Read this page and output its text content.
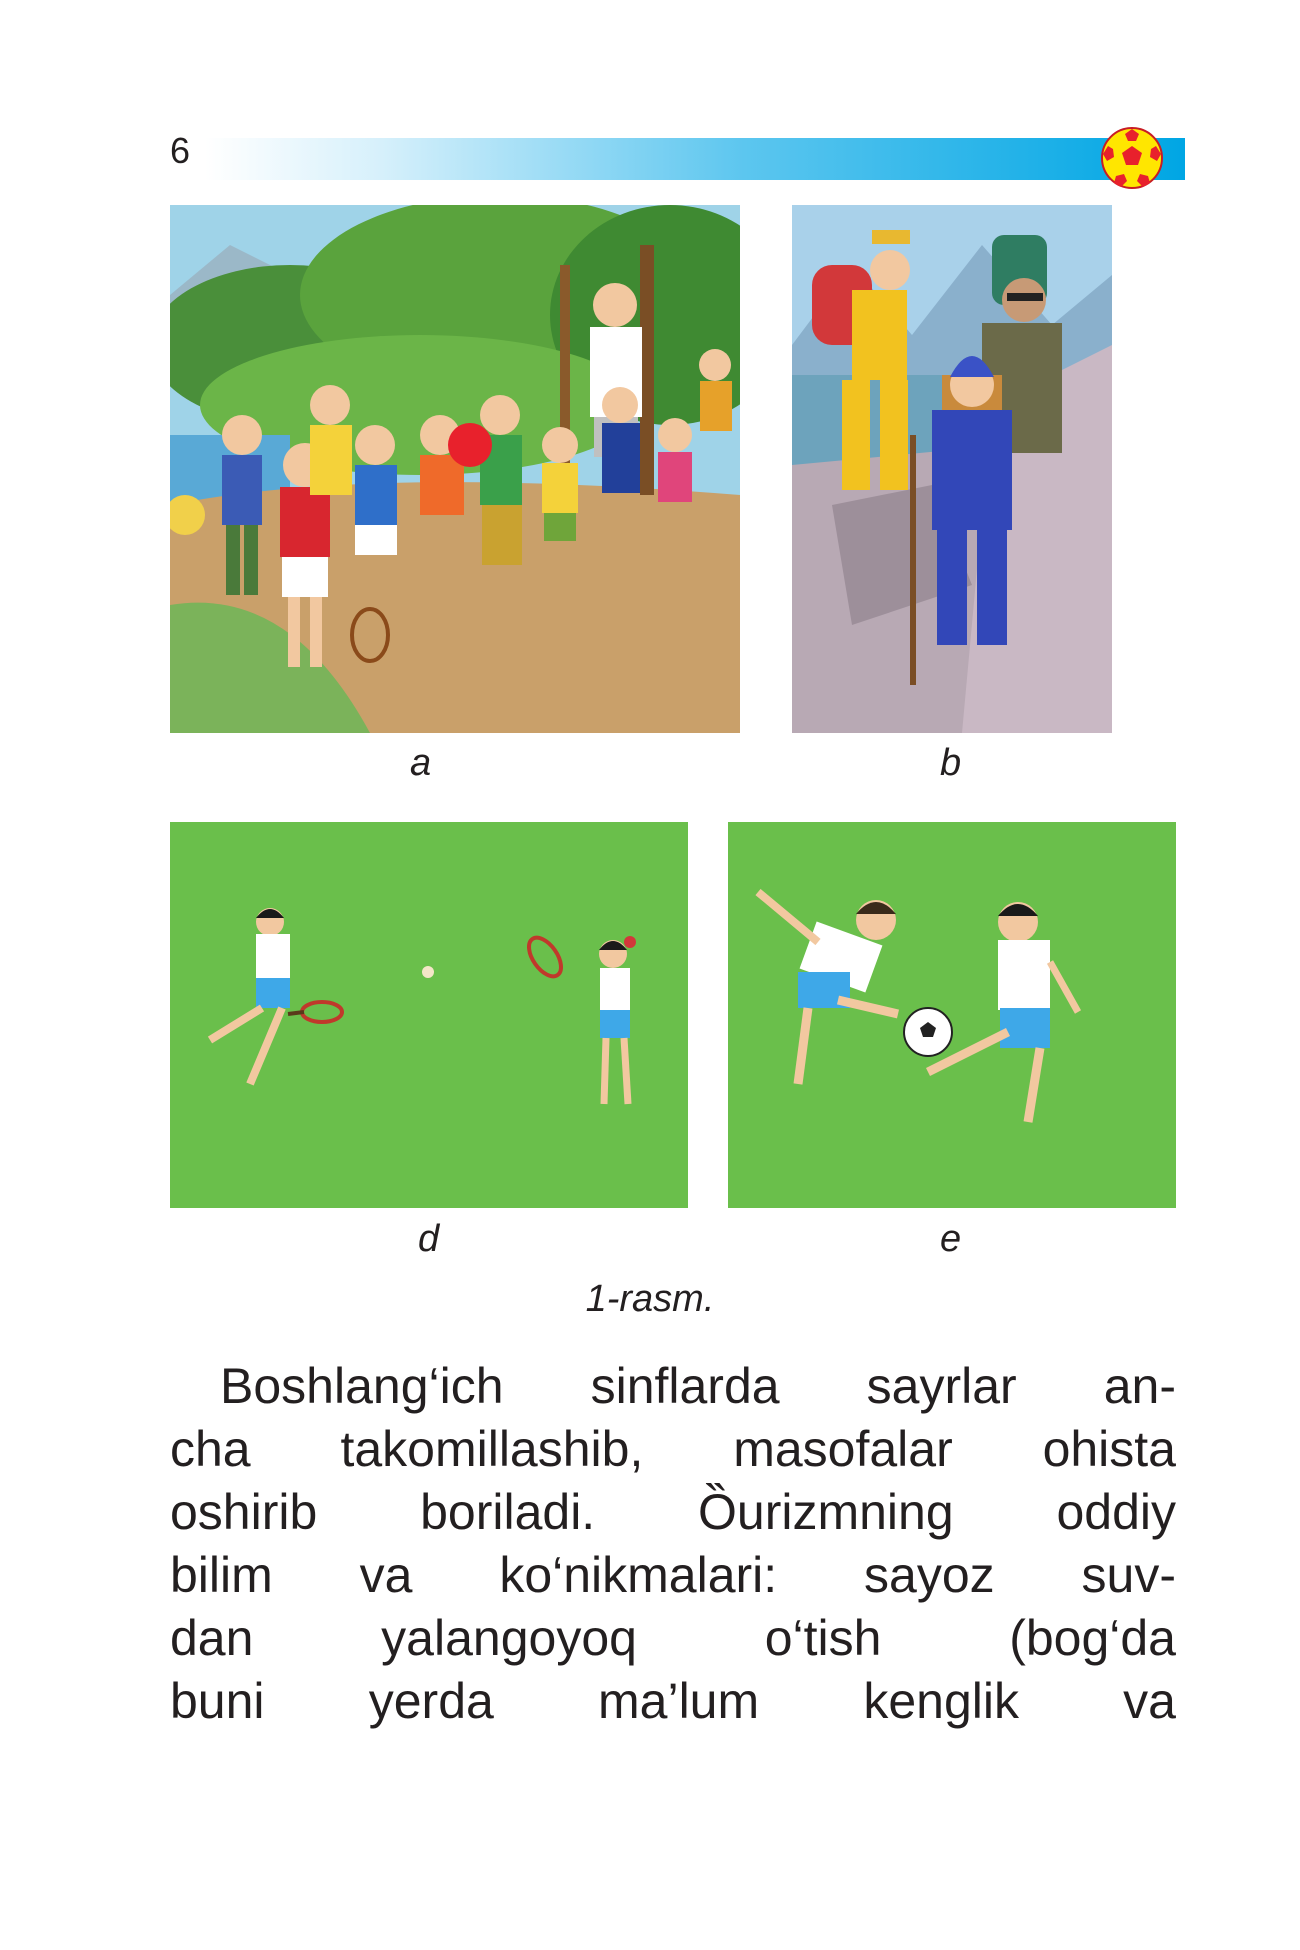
6
a	b
d	e
1-rasm.
Boshlang‘ich sinflarda sayrlar an-
cha takomillashib, masofalar ohista
oshirib boriladi. Ȍurizmning oddiy
bilim va ko‘nikmalari: sayoz suv-
dan yalangoyoq o‘tish (bog‘da
buni yerda ma’lum kenglik va
